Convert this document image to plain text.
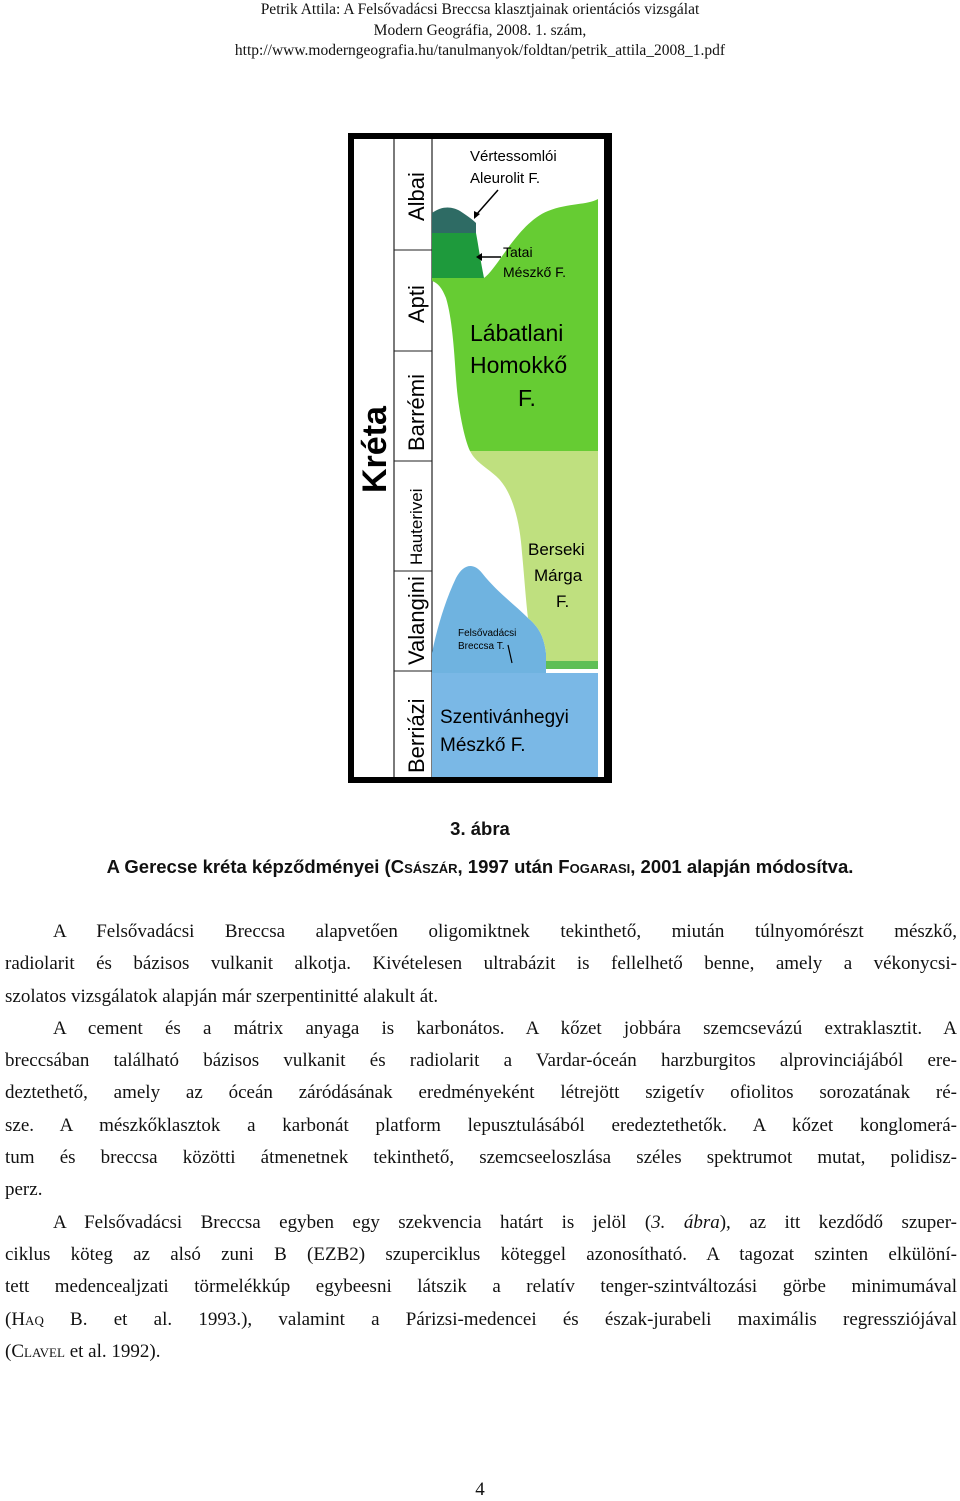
Petrik Attila: A Felsővadácsi Breccsa klasztjainak orientációs vizsgálat
Modern Geográfia, 2008. 1. szám,
http://www.moderngeografia.hu/tanulmanyok/foldtan/petrik_attila_2008_1.pdf
Kréta
Albai
Apti
Barrémi
Hauterivei
Valangini
Berriázi
Vértessomlói
Aleurolit F.
Tatai
Mészkő F.
Lábatlani
Homokkő
F.
Berseki
Márga
F.
Felsővadácsi
Breccsa T.
Szentivánhegyi
Mészkő F.
3. ábra
A Gerecse kréta képződményei (Császár, 1997 után Fogarasi, 2001 alapján módosítva.

A Felsővadácsi Breccsa alapvetően oligomiktnek tekinthető, miután túlnyomórészt mészkő,
radiolarit és bázisos vulkanit alkotja. Kivételesen ultrabázit is fellelhető benne, amely a vékonycsi-
szolatos vizsgálatok alapján már szerpentinitté alakult át.

A cement és a mátrix anyaga is karbonátos. A kőzet jobbára szemcsevázú extraklasztit. A
breccsában található bázisos vulkanit és radiolarit a Vardar-óceán harzburgitos alprovinciájából ere-
deztethető, amely az óceán záródásának eredményeként létrejött szigetív ofiolitos sorozatának ré-
sze. A mészkőklasztok a karbonát platform lepusztulásából eredeztethetők. A kőzet konglomerá-
tum és breccsa közötti átmenetnek tekinthető, szemcseeloszlása széles spektrumot mutat, polidisz-
perz.

A Felsővadácsi Breccsa egyben egy szekvencia határt is jelöl (3. ábra), az itt kezdődő szuper-
ciklus köteg az alsó zuni B (EZB2) szuperciklus köteggel azonosítható. A tagozat szinten elkülöní-
tett medencealjzati törmelékkúp egybeesni látszik a relatív tenger-szintváltozási görbe minimumával
(Haq B. et al. 1993.), valamint a Párizsi-medencei és észak-jurabeli maximális regressziójával
(Clavel et al. 1992).

4
